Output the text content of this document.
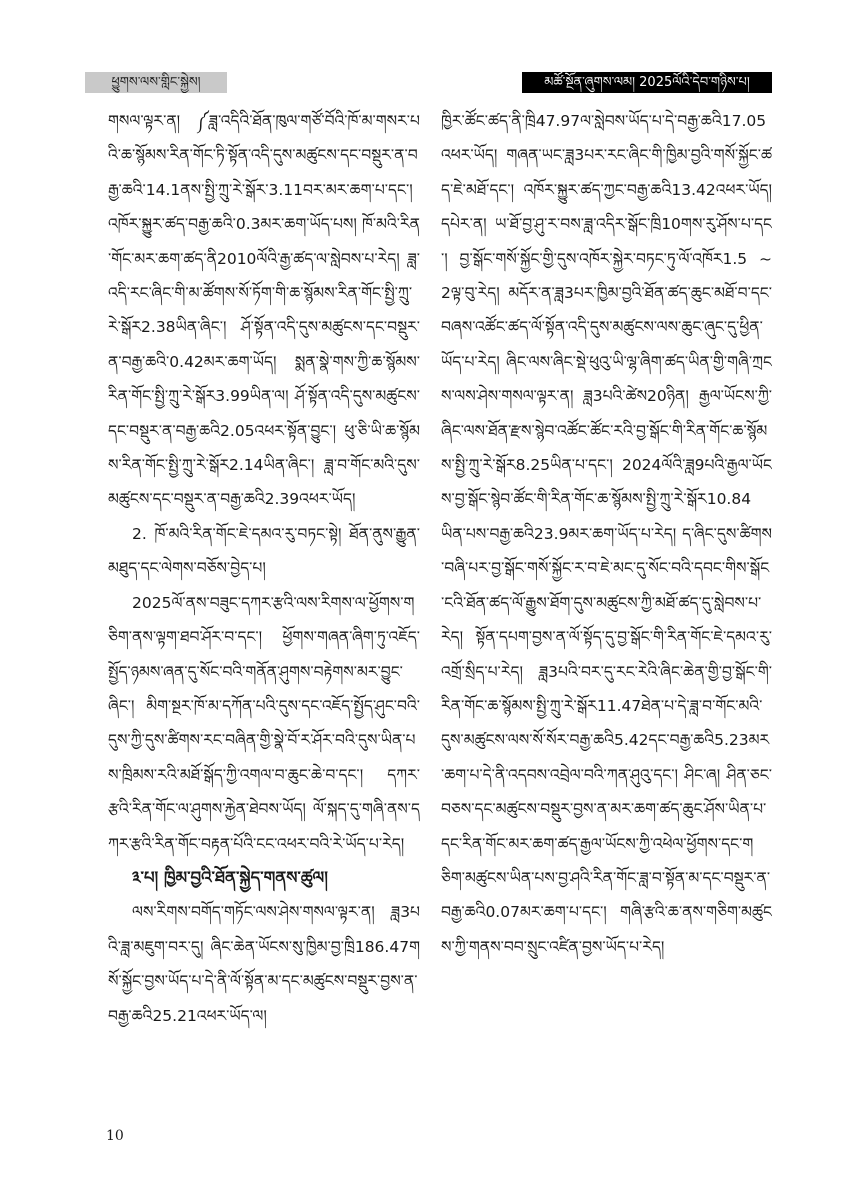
ཕྱུགས་ལས་གླིང་སྐྱེས།	མཚོ་སྔོན་ཞུགས་ལམ། 2025ལོའི་དེབ་གཉིས་པ།

གསལ་ལྟར་ན། ༼ཟླ་འདིའི་ཐོན་ཁུལ་གཙོ་བོའི་ཁོ་མ་གསར་པའི་ཆ་སྙོམས་རིན་གོང་ཏི་སྟོན་འདི་དུས་མཚུངས་དང་བསྡུར་ན་བརྒྱ་ཆའི་14.1ནས་སྤྱི་ཀྲུ་རེ་སྒོར་3.11བར་མར་ཆག་པ་དང་། འཁོར་སྐྱུར་ཚད་བརྒྱ་ཆའི་0.3མར་ཆག་ཡོད་པས། ཁོ་མའི་རིན་གོང་མར་ཆག་ཚད་ནི2010ལོའི་རྒྱ་ཚད་ལ་སླེབས་པ་རེད། ཟླ་འདི་རང་ཞིང་གི་མ་ཚོགས་སོ་ཏོག་གི་ཆ་སྙོམས་རིན་གོང་སྤྱི་ཀྲུ་རེ་སྒོར2.38ཡིན་ཞིང་། ཤོ་སྟོན་འདི་དུས་མཚུངས་དང་བསྡུར་ན་བརྒྱ་ཆའི་0.42མར་ཆག་ཡོད། སྨན་སྣེ་གས་ཀྱི་ཆ་སྙོམས་རིན་གོང་སྤྱི་ཀྲུ་རེ་སྒོར3.99ཡིན་ལ། ཤོ་སྟོན་འདི་དུས་མཚུངས་དང་བསྡུར་ན་བརྒྱ་ཆའི2.05འཕར་སྟོན་བྱུང་། ཕུ་ཅི་ཡི་ཆ་སྙོམས་རིན་གོང་སྤྱི་ཀྲུ་རེ་སྒོར2.14ཡིན་ཞིང་། ཟླ་བ་གོང་མའི་དུས་མཚུངས་དང་བསྡུར་ན་བརྒྱ་ཆའི2.39འཕར་ཡོད།

2. ཁོ་མའི་རིན་གོང་ཇེ་དམའ་རུ་བཏང་སྟེ། ཐོན་ནུས་རྒྱུན་མཐུད་དང་ལེགས་བཅོས་བྱེད་པ།

2025ལོ་ནས་བཟུང་དཀར་རྩའི་ལས་རིགས་ལ་ཕྱོགས་གཅིག་ནས་ལྟག་ཐབ་ཤོར་བ་དང་། ཕྱོགས་གཞན་ཞིག་ཏུ་འཇོད་སྤྱོད་ཉམས་ཞན་དུ་སོང་བའི་གནོན་ཤུགས་བརྟེགས་མར་བྱུང་ཞིང་། མིག་སྔར་ཁོ་མ་དཀོན་པའི་དུས་དང་འཇོད་སྤྱོད་ཤུང་བའི་དུས་ཀྱི་དུས་ཚིགས་རང་བཞིན་གྱི་སྣེ་བོ་ར་ཤོར་བའི་དུས་ཡིན་པས་ཁྲིམས་རའི་མཐོ་སྒོད་ཀྱི་འགལ་བ་ཆུང་ཆེ་བ་དང་། དཀར་རྩའི་རིན་གོང་ལ་ཤུགས་རྐྱེན་ཐེབས་ཡོད། ལོ་སྐད་དུ་གཞི་ནས་དཀར་རྩའི་རིན་གོང་བརྟན་པོའི་ངང་འཕར་བའི་རེ་ཡོད་པ་རེད།

༣་པ། ཁྱིམ་བྱའི་ཐོན་སྐྱེད་གནས་ཚུལ།

ལས་རིགས་བགོད་གཏོང་ལས་ཤེས་གསལ་ལྟར་ན། ཟླ3པའི་ཟླ་མཇུག་བར་དུ། ཞིང་ཆེན་ཡོངས་སུ་ཁྱིམ་བྱ་ཁྲི186.47གསོ་སྐྱོང་བྱས་ཡོད་པ་དེ་ནི་ལོ་སྟོན་མ་དང་མཚུངས་བསྡུར་བྱས་ན་བརྒྱ་ཆའི25.21འཕར་ཡོད་ལ།

ཁྱིར་ཚོང་ཚད་ནི་ཁྲི47.97ལ་སླེབས་ཡོད་པ་དེ་བརྒྱ་ཆའི17.05འཕར་ཡོད། གཞན་ཡང་ཟླ3པར་རང་ཞིང་གི་ཁྱིམ་བྱའི་གསོ་སྐྱོང་ཚད་ཇེ་མཐོ་དང་། འཁོར་སྐྱུར་ཚད་ཀྱང་བརྒྱ་ཆའི13.42འཕར་ཡོད། དཔེར་ན། ཡ་ཐོ་བྱ་ཤུ་ར་བས་ཟླ་འདིར་སྒོང་ཁྲི10གས་རུ་ཤོས་པ་དང་། བྱ་སྒོང་གསོ་སྐྱོང་གྱི་དུས་འཁོར་སྐྱེར་བཏང་ཏུ་ལོ་འཁོར1.5 ~ 2ལྟ་བུ་རེད། མདོར་ན་ཟླ3པར་ཁྱིམ་བྱའི་ཐོན་ཚད་ཆུང་མཐོ་བ་དང་བཞས་འཚོང་ཚད་ལོ་སྟོན་འདི་དུས་མཚུངས་ལས་ཆུང་ཞུང་དུ་ཕྱིན་ཡོད་པ་རེད། ཞིང་ལས་ཞིང་སྡེ་ཕུའུ་ཡི་ལྷ་ཞིག་ཚད་ཡིན་གྱི་གཞི་ཀྲངས་ལས་ཤེས་གསལ་ལྟར་ན། ཟླ3པའི་ཚེས20ཉིན། རྒྱལ་ཡོངས་ཀྱི་ཞིང་ལས་ཐོན་རྫས་སྙེབ་འཚོང་ཚོང་རའི་བྱ་སྒོང་གི་རིན་གོང་ཆ་སྙོམས་སྤྱི་ཀྲུ་རེ་སྒོར8.25ཡིན་པ་དང་། 2024ལོའི་ཟླ9པའི་རྒྱལ་ཡོངས་བྱ་སྒོང་སྙེབ་ཚོང་གི་རིན་གོང་ཆ་སྙོམས་སྤྱི་ཀྲུ་རེ་སྒོར10.84ཡིན་པས་བརྒྱ་ཆའི23.9མར་ཆག་ཡོད་པ་རེད། ད་ཞིང་དུས་ཚིགས་བཞི་པར་བྱ་སྒོང་གསོ་སྐྱོང་ར་བ་ཇེ་མང་དུ་སོང་བའི་དབང་གིས་སྒོང་ངའི་ཐོན་ཚད་ལོ་རྒྱུས་ཐོག་དུས་མཚུངས་ཀྱི་མཐོ་ཚད་དུ་སླེབས་པ་རེད། སྟོན་དཔག་བྱས་ན་ལོ་སྟོད་དུ་བྱ་སྒོང་གི་རིན་གོང་ཇེ་དམའ་རུ་འགྲོ་སྲིད་པ་རེད། ཟླ3པའི་བར་དུ་རང་རེའི་ཞིང་ཆེན་གྱི་བྱ་སྒོང་གི་རིན་གོང་ཆ་སྙོམས་སྤྱི་ཀྲུ་རེ་སྒོར11.47ཐེན་པ་དེ་ཟླ་བ་གོང་མའི་དུས་མཚུངས་ལས་སོ་སོར་བརྒྱ་ཆའི5.42དང་བརྒྱ་ཆའི5.23མར་ཆག་པ་དེ་ནི་འདབས་འབྲེལ་བའི་ཀན་ཤུའུ་དང་། ཤིང་ཞ། ཤིན་ཅང་བཅས་དང་མཚུངས་བསྡུར་བྱས་ན་མར་ཆག་ཚད་ཆུང་ཤོས་ཡིན་པ་དང་རིན་གོང་མར་ཆག་ཚད་རྒྱལ་ཡོངས་ཀྱི་འཕེལ་ཕྱོགས་དང་གཅིག་མཚུངས་ཡིན་པས་བྱ་ཤའི་རིན་གོང་ཟླ་བ་སྟོན་མ་དང་བསྡུར་ན་བརྒྱ་ཆའི0.07མར་ཆག་པ་དང་། གཞི་རྩའི་ཆ་ནས་གཅིག་མཚུངས་ཀྱི་གནས་བབ་སྲུང་འཛིན་བྱས་ཡོད་པ་རེད།

10
